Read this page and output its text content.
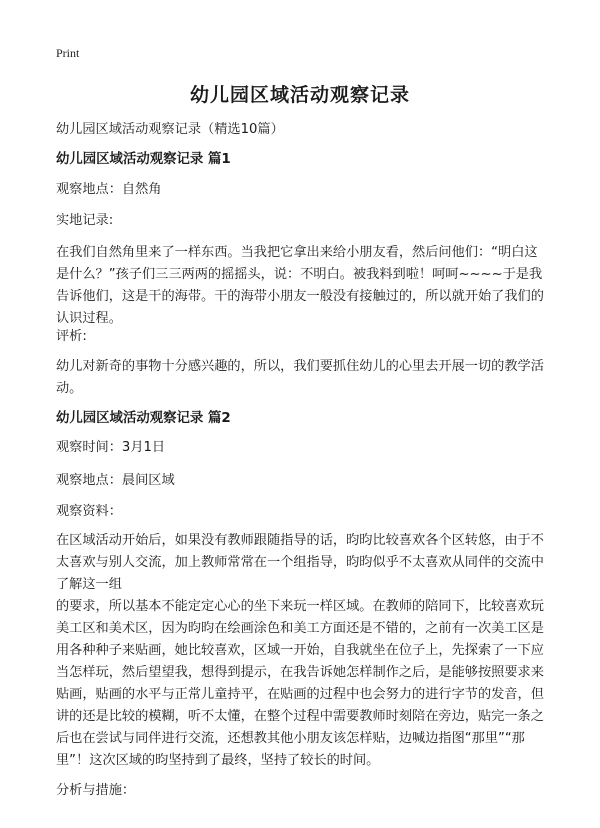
Print
幼儿园区域活动观察记录

幼儿园区域活动观察记录（精选10篇）

幼儿园区域活动观察记录 篇1

观察地点：自然角

实地记录:

在我们自然角里来了一样东西。当我把它拿出来给小朋友看，然后问他们：“明白这是什么？”孩子们三三两两的摇摇头，说：不明白。被我料到啦！呵呵~~~~于是我告诉他们，这是干的海带。干的海带小朋友一般没有接触过的，所以就开始了我们的认识过程。

评析:

幼儿对新奇的事物十分感兴趣的，所以，我们要抓住幼儿的心里去开展一切的教学活动。

幼儿园区域活动观察记录 篇2

观察时间：3月1日

观察地点：晨间区域

观察资料：

在区域活动开始后，如果没有教师跟随指导的话，昀昀比较喜欢各个区转悠，由于不太喜欢与别人交流，加上教师常常在一个组指导，昀昀似乎不太喜欢从同伴的交流中了解这一组

的要求，所以基本不能定定心心的坐下来玩一样区域。在教师的陪同下，比较喜欢玩美工区和美术区，因为昀昀在绘画涂色和美工方面还是不错的，之前有一次美工区是用各种种子来贴画，她比较喜欢，区域一开始，自我就坐在位子上，先探索了一下应当怎样玩，然后望望我，想得到提示，在我告诉她怎样制作之后，是能够按照要求来贴画，贴画的水平与正常儿童持平，在贴画的过程中也会努力的进行字节的发音，但讲的还是比较的模糊，听不太懂，在整个过程中需要教师时刻陪在旁边，贴完一条之后也在尝试与同伴进行交流，还想教其他小朋友该怎样贴，边喊边指图“那里”“那里”！这次区域的昀坚持到了最终，坚持了较长的时间。

分析与措施：
